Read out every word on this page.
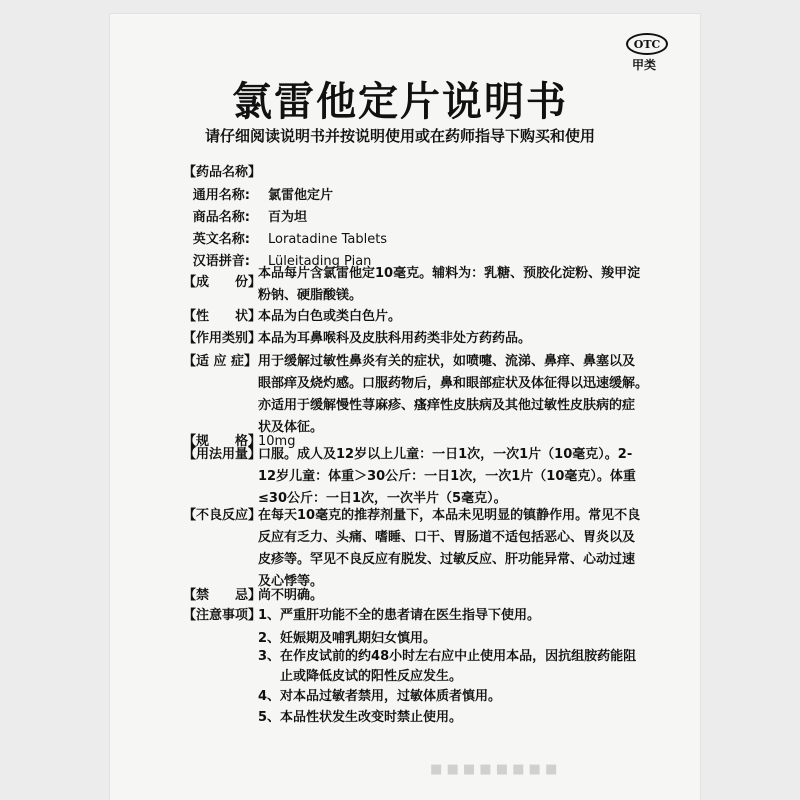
■ ■ ■ ■ ■ ■ ■ ■
OTC
甲类
氯雷他定片说明书
请仔细阅读说明书并按说明使用或在药师指导下购买和使用
【药品名称】
通用名称: 氯雷他定片
商品名称: 百为坦
英文名称: Loratadine Tablets
汉语拼音: Lüleitading Pian
【成　　份】
本品每片含氯雷他定10毫克。辅料为：乳糖、预胶化淀粉、羧甲淀
粉钠、硬脂酸镁。
【性　　状】
本品为白色或类白色片。
【作用类别】
本品为耳鼻喉科及皮肤科用药类非处方药药品。
【适 应 症】 用于缓解过敏性鼻炎有关的症状，如喷嚏、流涕、鼻痒、鼻塞以及
眼部痒及烧灼感。口服药物后，鼻和眼部症状及体征得以迅速缓解。
亦适用于缓解慢性荨麻疹、瘙痒性皮肤病及其他过敏性皮肤病的症
状及体征。
【规　　格】
10mg
【用法用量】
口服。成人及12岁以上儿童：一日1次，一次1片（10毫克）。2-
12岁儿童：体重＞30公斤：一日1次，一次1片（10毫克）。体重
≤30公斤：一日1次，一次半片（5毫克）。
【不良反应】
在每天10毫克的推荐剂量下，本品未见明显的镇静作用。常见不良
反应有乏力、头痛、嗜睡、口干、胃肠道不适包括恶心、胃炎以及
皮疹等。罕见不良反应有脱发、过敏反应、肝功能异常、心动过速
及心悸等。
【禁　　忌】
尚不明确。
【注意事项】
1、严重肝功能不全的患者请在医生指导下使用。
2、妊娠期及哺乳期妇女慎用。
3、在作皮试前的约48小时左右应中止使用本品，因抗组胺药能阻
止或降低皮试的阳性反应发生。
4、对本品过敏者禁用，过敏体质者慎用。
5、本品性状发生改变时禁止使用。
